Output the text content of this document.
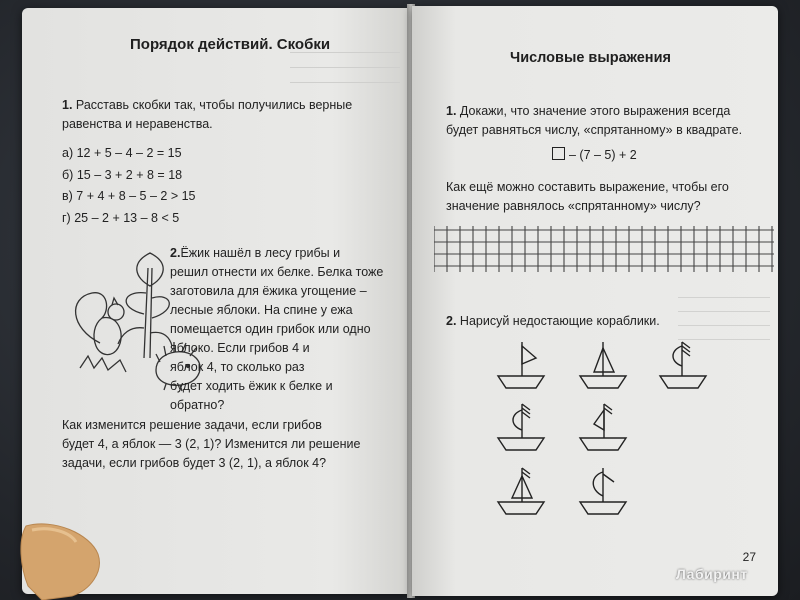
Порядок действий. Скобки

1. Расставь скобки так, чтобы получились верные
равенства и неравенства.

а) 12 + 5 – 4 – 2 = 15
б) 15 – 3 + 2 + 8 = 18
в) 7 + 4 + 8 – 5 – 2 > 15
г) 25 – 2 + 13 – 8 < 5
2.Ёжик нашёл в лесу грибы и
решил отнести их белке. Белка тоже
заготовила для ёжика угощение –
лесные яблоки. На спине у ежа
помещается один грибок или одно
яблоко. Если грибов 4 и
яблок 4, то сколько раз
будет ходить ёжик к белке и
обратно?
Как изменится решение задачи, если грибов
будет 4, а яблок — 3 (2, 1)? Изменится ли решение
задачи, если грибов будет 3 (2, 1), а яблок 4?
Числовые выражения

1. Докажи, что значение этого выражения всегда
будет равняться числу, «спрятанному» в квадрате.

– (7 – 5) + 2

Как ещё можно составить выражение, чтобы его
значение равнялось «спрятанному» числу?

2. Нарисуй недостающие кораблики.

27

Лабиринт
